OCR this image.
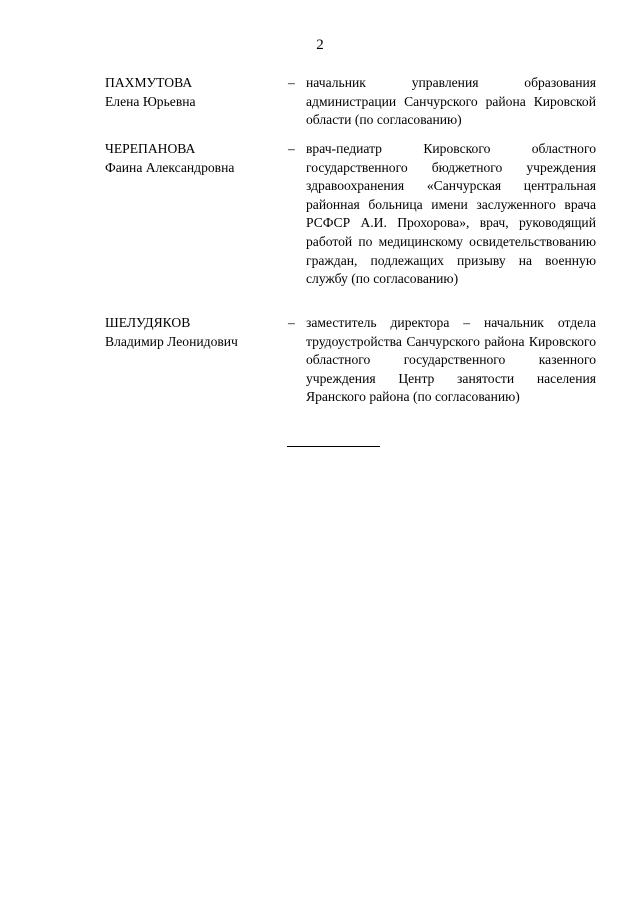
2
ПАХМУТОВА
Елена Юрьевна
– начальник управления образования администрации Санчурского района Кировской области (по согласованию)
ЧЕРЕПАНОВА
Фаина Александровна
– врач-педиатр Кировского областного государственного бюджетного учреждения здравоохранения «Санчурская центральная районная больница имени заслуженного врача РСФСР А.И. Прохорова», врач, руководящий работой по медицинскому освидетельствованию граждан, подлежащих призыву на военную службу (по согласованию)
ШЕЛУДЯКОВ
Владимир Леонидович
– заместитель директора – начальник отдела трудоустройства Санчурского района Кировского областного государственного казенного учреждения Центр занятости населения Яранского района (по согласованию)
